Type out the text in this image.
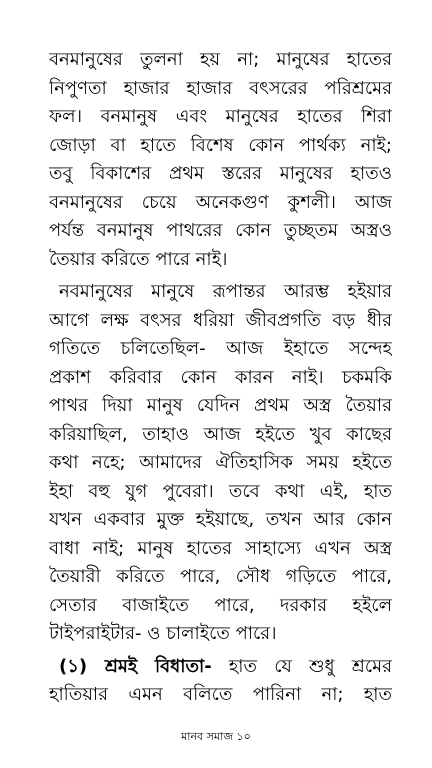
বনমানুষের তুলনা হয় না; মানুষের হাতের
নিপুণতা হাজার হাজার বৎসরের পরিশ্রমের
ফল। বনমানুষ এবং মানুষের হাতের শিরা
জোড়া বা হাতে বিশেষ কোন পার্থক্য নাই;
তবু বিকাশের প্রথম স্তরের মানুষের হাতও
বনমানুষের চেয়ে অনেকগুণ কুশলী। আজ
পর্যন্ত বনমানুষ পাথরের কোন তুচ্ছতম অস্ত্রও
তৈয়ার করিতে পারে নাই।
নবমানুষের মানুষে রূপান্তর আরম্ভ হইয়ার
আগে লক্ষ বৎসর ধরিয়া জীবপ্রগতি বড় ধীর
গতিতে চলিতেছিল- আজ ইহাতে সন্দেহ
প্রকাশ করিবার কোন কারন নাই। চকমকি
পাথর দিয়া মানুষ যেদিন প্রথম অস্ত্র তৈয়ার
করিয়াছিল, তাহাও আজ হইতে খুব কাছের
কথা নহে; আমাদের ঐতিহাসিক সময় হইতে
ইহা বহু যুগ পুবেরা। তবে কথা এই, হাত
যখন একবার মুক্ত হইয়াছে, তখন আর কোন
বাধা নাই; মানুষ হাতের সাহাস্যে এখন অস্ত্র
তৈয়ারী করিতে পারে, সৌধ গড়িতে পারে,
সেতার বাজাইতে পারে, দরকার হইলে
টাইপরাইটার- ও চালাইতে পারে।
(১) শ্রমই বিধাতা- হাত যে শুধু শ্রমের
হাতিয়ার এমন বলিতে পারিনা না; হাত
মানব সমাজ ১০
